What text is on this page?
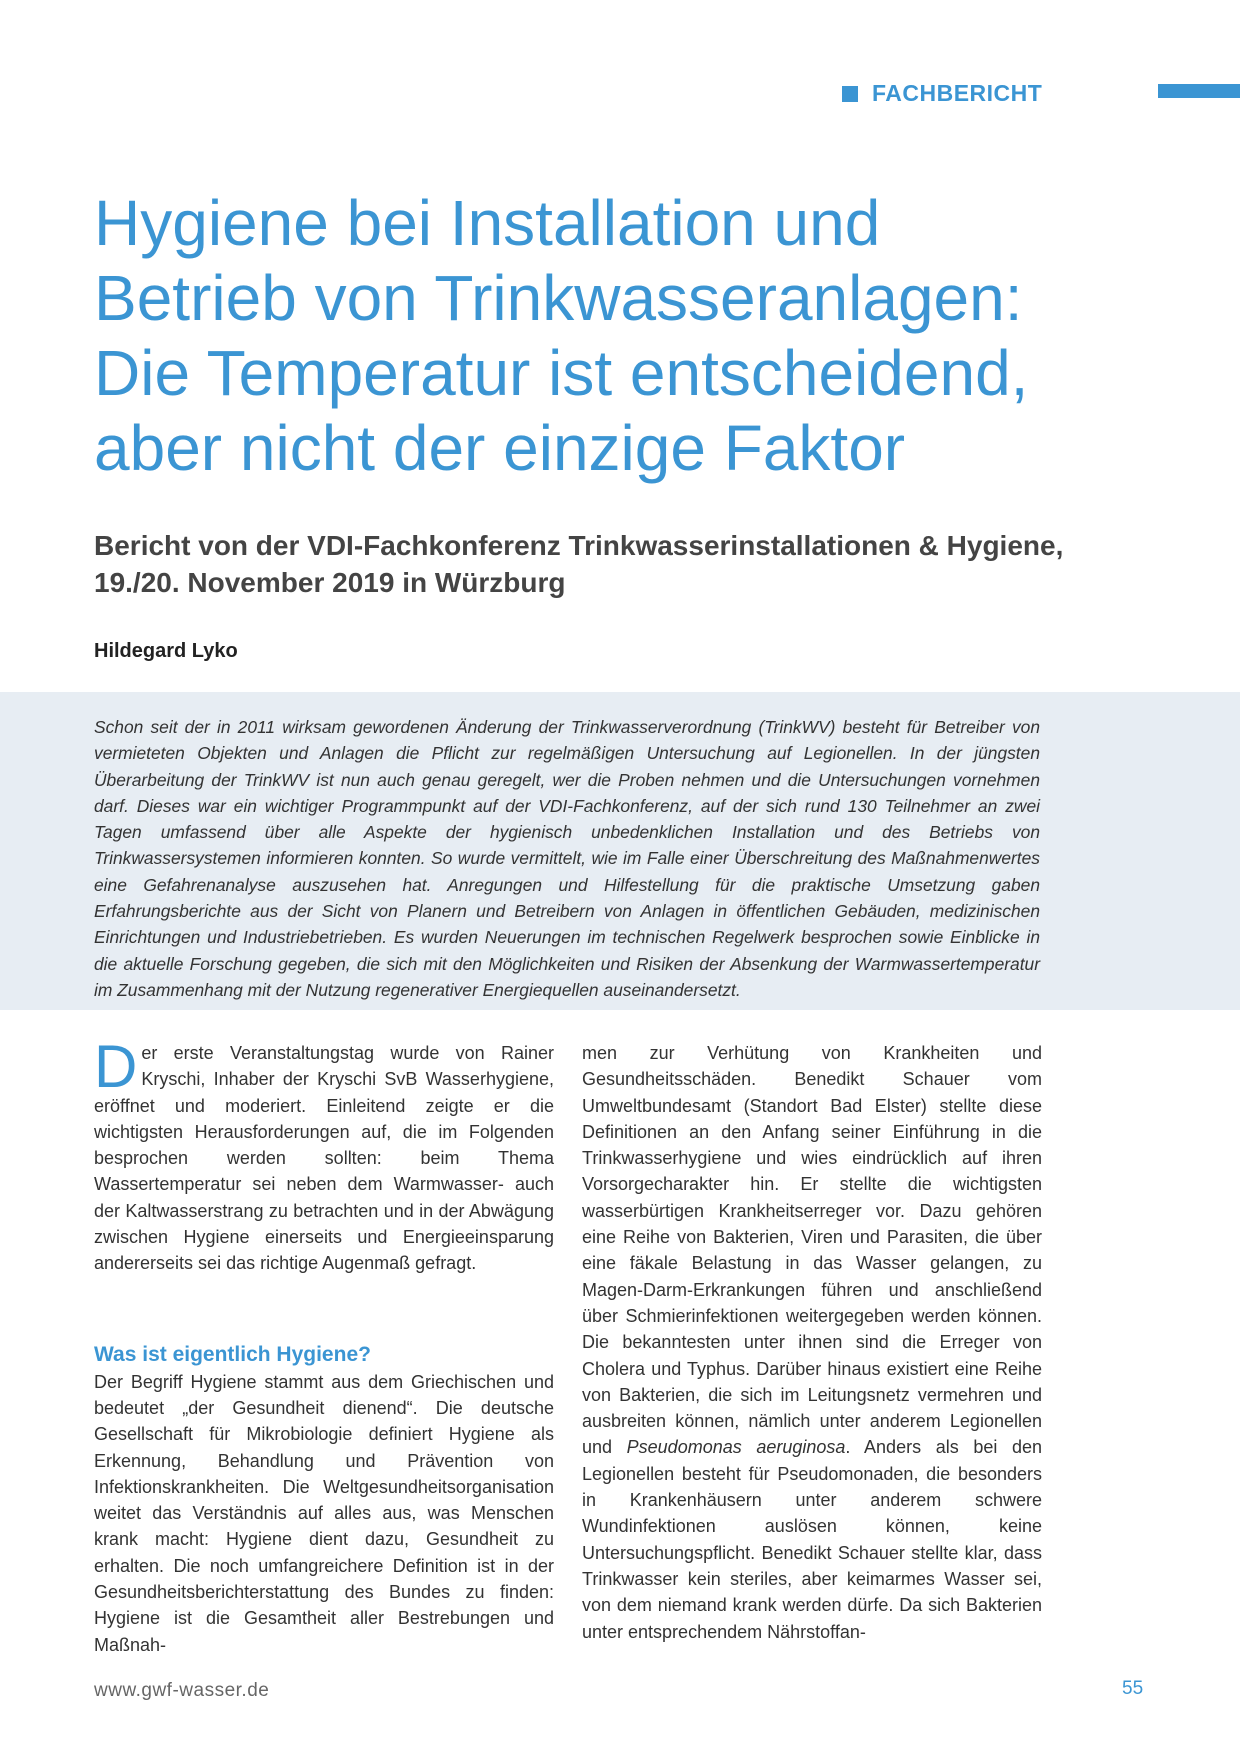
FACHBERICHT
Hygiene bei Installation und
Betrieb von Trinkwasseranlagen:
Die Temperatur ist entscheidend,
aber nicht der einzige Faktor
Bericht von der VDI-Fachkonferenz Trinkwasserinstallationen & Hygiene,
19./20. November 2019 in Würzburg

Hildegard Lyko

Schon seit der in 2011 wirksam gewordenen Änderung der Trinkwasserverordnung (TrinkWV) besteht für Betreiber von vermieteten Objekten und Anlagen die Pflicht zur regelmäßigen Untersuchung auf Legionellen. In der jüngsten Überarbeitung der TrinkWV ist nun auch genau geregelt, wer die Proben nehmen und die Untersuchungen vornehmen darf. Dieses war ein wichtiger Programmpunkt auf der VDI-Fachkonferenz, auf der sich rund 130 Teilnehmer an zwei Tagen umfassend über alle Aspekte der hygienisch unbedenklichen Installation und des Betriebs von Trinkwassersystemen informieren konnten. So wurde vermittelt, wie im Falle einer Überschreitung des Maßnahmenwertes eine Gefahrenanalyse auszusehen hat. Anregungen und Hilfestellung für die praktische Umsetzung gaben Erfahrungsberichte aus der Sicht von Planern und Betreibern von Anlagen in öffentlichen Gebäuden, medizinischen Einrichtungen und Industriebetrieben. Es wurden Neuerungen im technischen Regelwerk besprochen sowie Einblicke in die aktuelle Forschung gegeben, die sich mit den Möglichkeiten und Risiken der Absenkung der Warmwassertemperatur im Zusammenhang mit der Nutzung regenerativer Energiequellen auseinandersetzt.

Der erste Veranstaltungstag wurde von Rainer Kryschi, Inhaber der Kryschi SvB Wasserhygiene, eröffnet und moderiert. Einleitend zeigte er die wichtigsten Herausforderungen auf, die im Folgenden besprochen werden sollten: beim Thema Wassertemperatur sei neben dem Warmwasser- auch der Kaltwasserstrang zu betrachten und in der Abwägung zwischen Hygiene einerseits und Energieeinsparung andererseits sei das richtige Augenmaß gefragt.

Was ist eigentlich Hygiene?

Der Begriff Hygiene stammt aus dem Griechischen und bedeutet „der Gesundheit dienend“. Die deutsche Gesellschaft für Mikrobiologie definiert Hygiene als Erkennung, Behandlung und Prävention von Infektionskrankheiten. Die Weltgesundheitsorganisation weitet das Verständnis auf alles aus, was Menschen krank macht: Hygiene dient dazu, Gesundheit zu erhalten. Die noch umfangreichere Definition ist in der Gesundheitsberichterstattung des Bundes zu finden: Hygiene ist die Gesamtheit aller Bestrebungen und Maßnah-

men zur Verhütung von Krankheiten und Gesundheitsschäden. Benedikt Schauer vom Umweltbundesamt (Standort Bad Elster) stellte diese Definitionen an den Anfang seiner Einführung in die Trinkwasserhygiene und wies eindrücklich auf ihren Vorsorgecharakter hin. Er stellte die wichtigsten wasserbürtigen Krankheitserreger vor. Dazu gehören eine Reihe von Bakterien, Viren und Parasiten, die über eine fäkale Belastung in das Wasser gelangen, zu Magen-Darm-Erkrankungen führen und anschließend über Schmierinfektionen weitergegeben werden können. Die bekanntesten unter ihnen sind die Erreger von Cholera und Typhus. Darüber hinaus existiert eine Reihe von Bakterien, die sich im Leitungsnetz vermehren und ausbreiten können, nämlich unter anderem Legionellen und Pseudomonas aeruginosa. Anders als bei den Legionellen besteht für Pseudomonaden, die besonders in Krankenhäusern unter anderem schwere Wundinfektionen auslösen können, keine Untersuchungspflicht. Benedikt Schauer stellte klar, dass Trinkwasser kein steriles, aber keimarmes Wasser sei, von dem niemand krank werden dürfe. Da sich Bakterien unter entsprechendem Nährstoffan-

www.gwf-wasser.de	55
